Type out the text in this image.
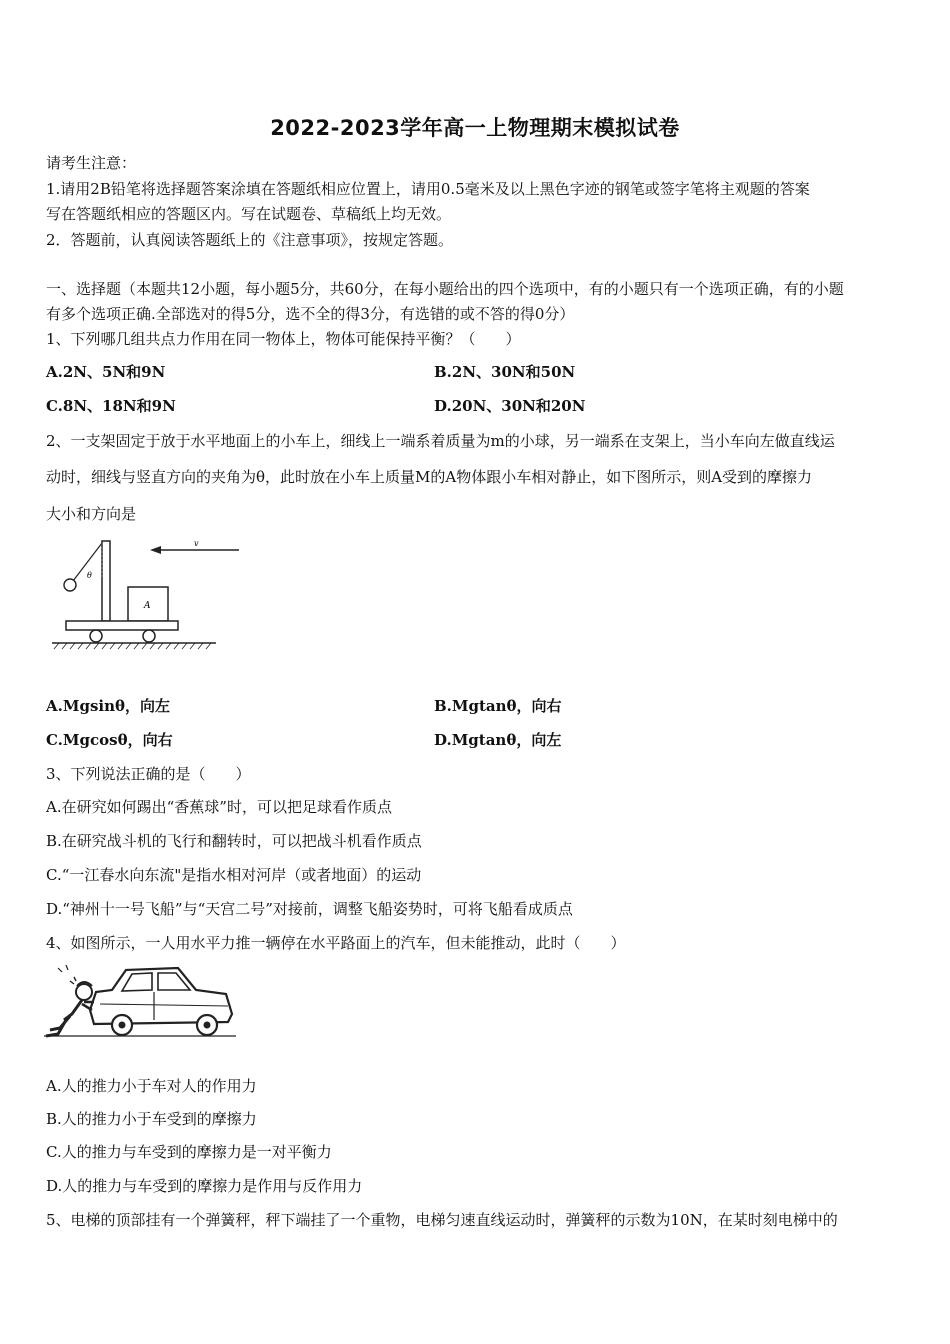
2022-2023学年高一上物理期末模拟试卷
请考生注意：
1.请用2B铅笔将选择题答案涂填在答题纸相应位置上，请用0.5毫米及以上黑色字迹的钢笔或签字笔将主观题的答案
写在答题纸相应的答题区内。写在试题卷、草稿纸上均无效。
2．答题前，认真阅读答题纸上的《注意事项》，按规定答题。
一、选择题（本题共12小题，每小题5分，共60分，在每小题给出的四个选项中，有的小题只有一个选项正确，有的小题
有多个选项正确.全部选对的得5分，选不全的得3分，有选错的或不答的得0分）
1、下列哪几组共点力作用在同一物体上，物体可能保持平衡？（　　）
A.2N、5N和9N	B.2N、30N和50N
C.8N、18N和9N	D.20N、30N和20N
2、一支架固定于放于水平地面上的小车上，细线上一端系着质量为m的小球，另一端系在支架上，当小车向左做直线运
动时，细线与竖直方向的夹角为θ，此时放在小车上质量M的A物体跟小车相对静止，如下图所示，则A受到的摩擦力
大小和方向是
v
θ
A
A.Mgsinθ，向左	B.Mgtanθ，向右
C.Mgcosθ，向右	D.Mgtanθ，向左
3、下列说法正确的是（　　）
A.在研究如何踢出“香蕉球”时，可以把足球看作质点
B.在研究战斗机的飞行和翻转时，可以把战斗机看作质点
C.“一江春水向东流"是指水相对河岸（或者地面）的运动
D.“神州十一号飞船”与“天宫二号”对接前，调整飞船姿势时，可将飞船看成质点
4、如图所示，一人用水平力推一辆停在水平路面上的汽车，但未能推动，此时（　　）
A.人的推力小于车对人的作用力
B.人的推力小于车受到的摩擦力
C.人的推力与车受到的摩擦力是一对平衡力
D.人的推力与车受到的摩擦力是作用与反作用力
5、电梯的顶部挂有一个弹簧秤，秤下端挂了一个重物，电梯匀速直线运动时，弹簧秤的示数为10N，在某时刻电梯中的
